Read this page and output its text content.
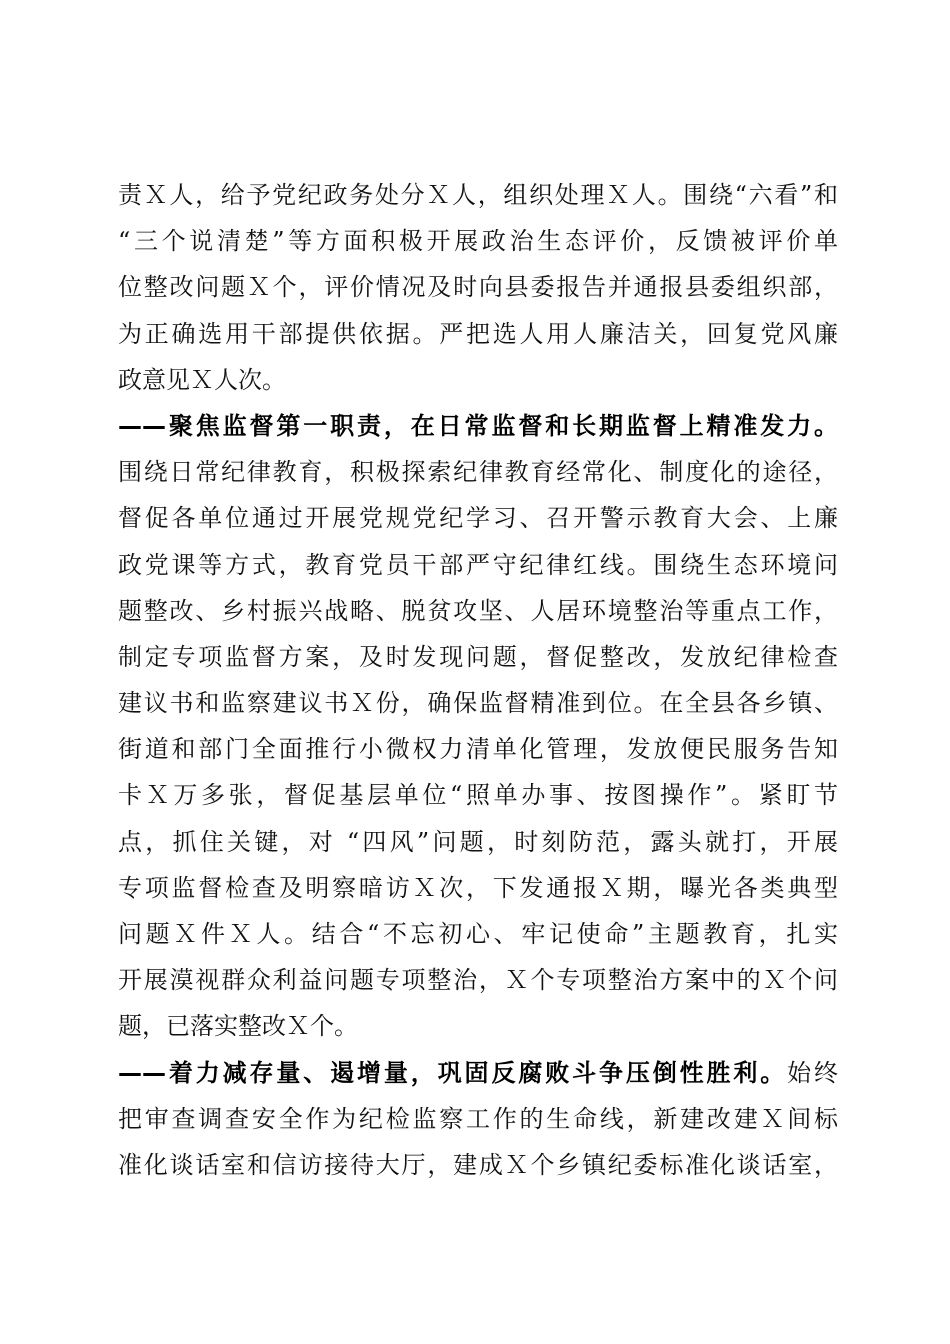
责Ｘ人，给予党纪政务处分Ｘ人，组织处理Ｘ人。围绕“六看”和
“三个说清楚”等方面积极开展政治生态评价，反馈被评价单
位整改问题Ｘ个，评价情况及时向县委报告并通报县委组织部，
为正确选用干部提供依据。严把选人用人廉洁关，回复党风廉
政意见Ｘ人次。
——聚焦监督第一职责，在日常监督和长期监督上精准发力。
围绕日常纪律教育，积极探索纪律教育经常化、制度化的途径，
督促各单位通过开展党规党纪学习、召开警示教育大会、上廉
政党课等方式，教育党员干部严守纪律红线。围绕生态环境问
题整改、乡村振兴战略、脱贫攻坚、人居环境整治等重点工作，
制定专项监督方案，及时发现问题，督促整改，发放纪律检查
建议书和监察建议书Ｘ份，确保监督精准到位。在全县各乡镇、
街道和部门全面推行小微权力清单化管理，发放便民服务告知
卡Ｘ万多张，督促基层单位“照单办事、按图操作”。紧盯节
点，抓住关键，对 “四风”问题，时刻防范，露头就打，开展
专项监督检查及明察暗访Ｘ次，下发通报Ｘ期，曝光各类典型
问题Ｘ件Ｘ人。结合“不忘初心、牢记使命”主题教育，扎实
开展漠视群众利益问题专项整治，Ｘ个专项整治方案中的Ｘ个问
题，已落实整改Ｘ个。
——着力减存量、遏增量，巩固反腐败斗争压倒性胜利。始终
把审查调查安全作为纪检监察工作的生命线，新建改建Ｘ间标
准化谈话室和信访接待大厅，建成Ｘ个乡镇纪委标准化谈话室，
